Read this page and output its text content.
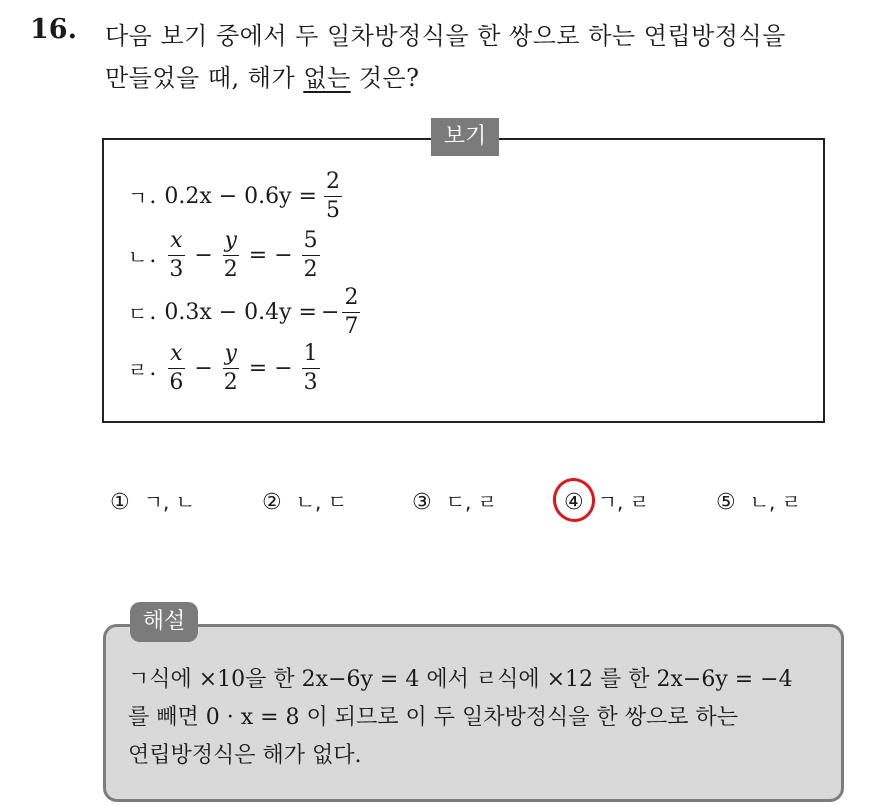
16. 다음 보기 중에서 두 일차방정식을 한 쌍으로 하는 연립방정식을
만들었을 때, 해가 없는 것은?
보기
ㄱ . $0.2x - 0.6y = \frac{2}{5}$
ㄴ . $\frac{x}{3} - \frac{y}{2}$ = − $\frac{5}{2}$
ㄷ . 0.3x − 0.4y = − $\frac{2}{7}$
ㄹ . $\frac{x}{6} - \frac{y}{2}$ = − $\frac{1}{3}$
① ㄱ, ㄴ	② ㄴ, ㄷ	③ ㄷ, ㄹ	④ ㄱ, ㄹ	⑤ ㄴ, ㄹ
해설
ㄱ식에 ×10을 한 2x−6y = 4 에서 ㄹ식에 ×12 를 한 2x−6y = −4
를 빼면 0 · x = 8 이 되므로 이 두 일차방정식을 한 쌍으로 하는
연립방정식은 해가 없다.
